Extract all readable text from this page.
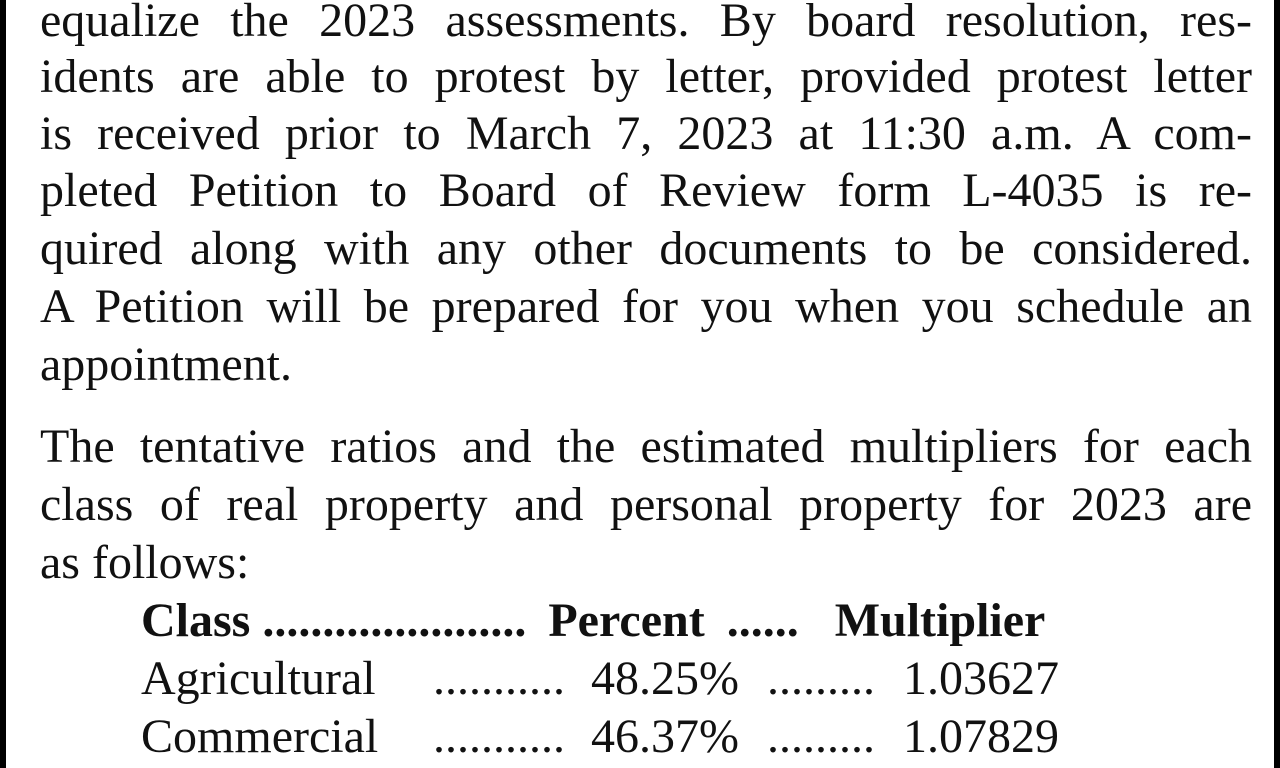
equalize the 2023 assessments. By board resolution, res-

idents are able to protest by letter, provided protest letter

is received prior to March 7, 2023 at 11:30 a.m. A com-

pleted Petition to Board of Review form L-4035 is re-

quired along with any other documents to be considered.

A Petition will be prepared for you when you schedule an

appointment.

The tentative ratios and the estimated multipliers for each

class of real property and personal property for 2023 are

as follows:

Class ...................... Percent ...... Multiplier
Agricultural ........... 48.25% ......... 1.03627
Commercial ........... 46.37% ......... 1.07829
